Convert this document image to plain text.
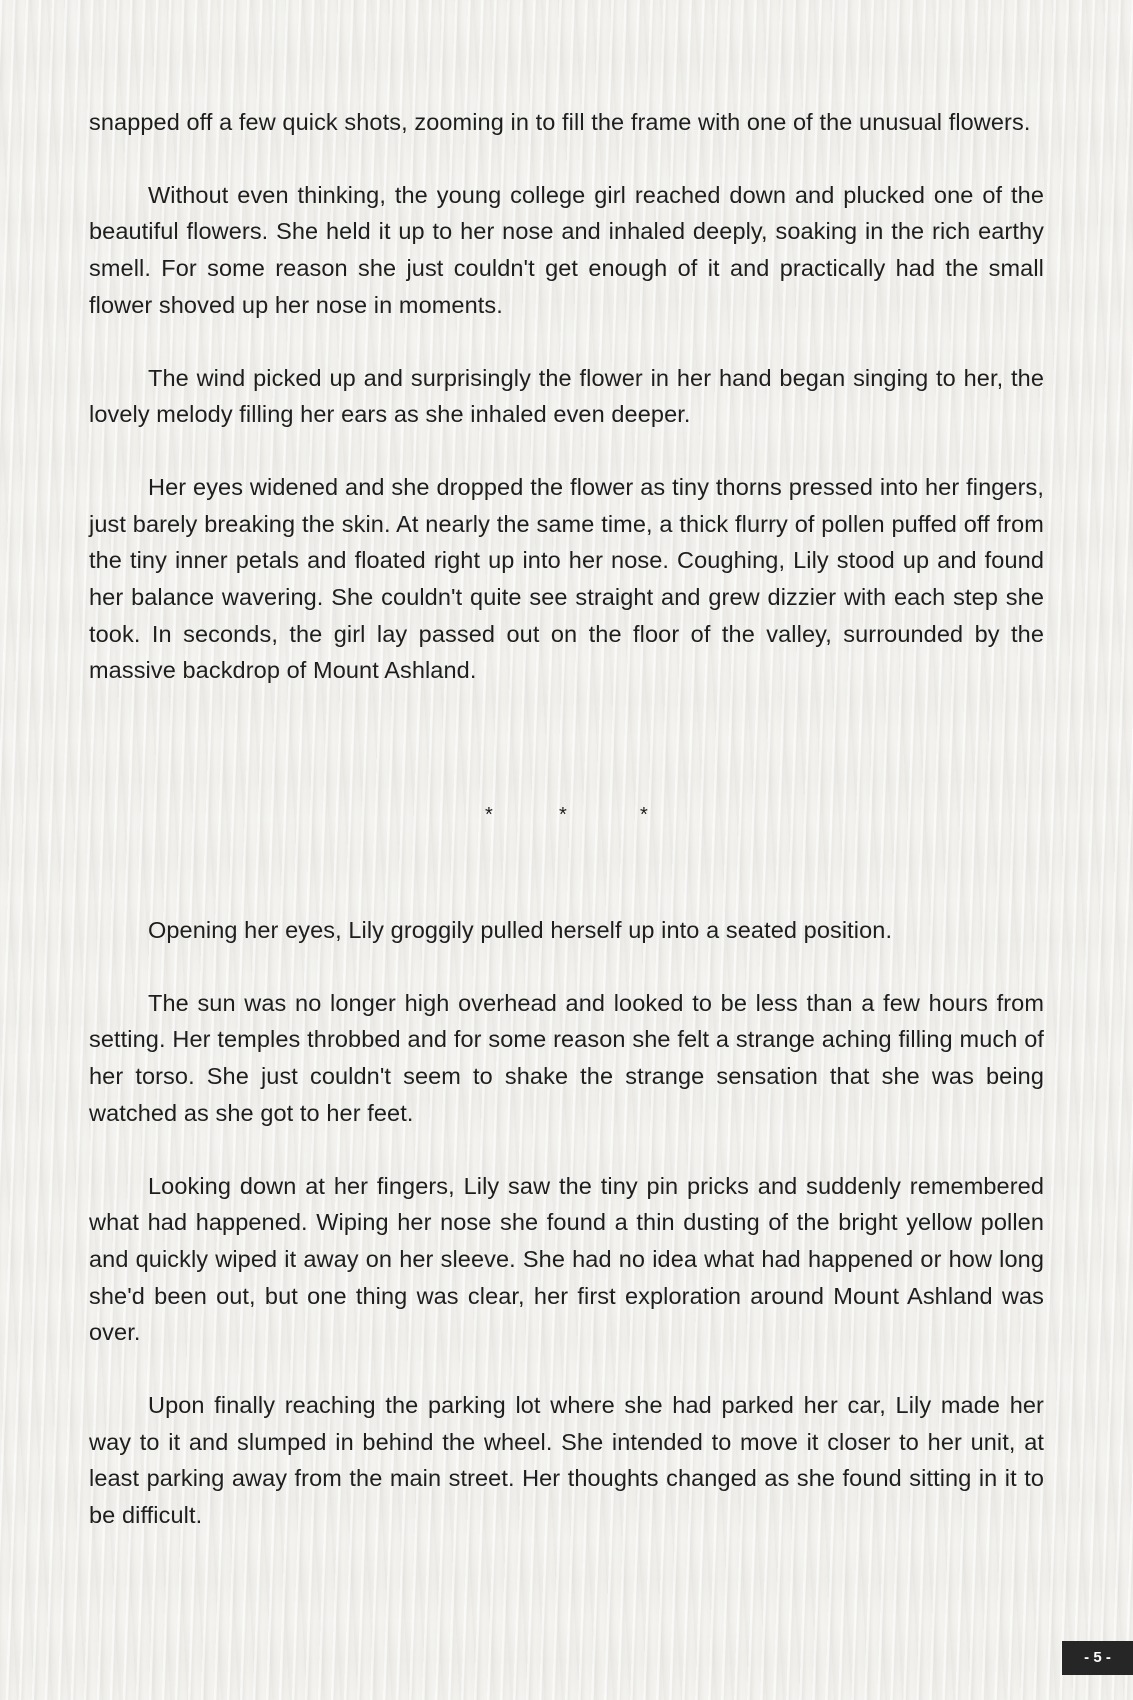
snapped off a few quick shots, zooming in to fill the frame with one of the unusual flowers.

Without even thinking, the young college girl reached down and plucked one of the beautiful flowers. She held it up to her nose and inhaled deeply, soaking in the rich earthy smell. For some reason she just couldn't get enough of it and practically had the small flower shoved up her nose in moments.

The wind picked up and surprisingly the flower in her hand began singing to her, the lovely melody filling her ears as she inhaled even deeper.

Her eyes widened and she dropped the flower as tiny thorns pressed into her fingers, just barely breaking the skin. At nearly the same time, a thick flurry of pollen puffed off from the tiny inner petals and floated right up into her nose. Coughing, Lily stood up and found her balance wavering. She couldn't quite see straight and grew dizzier with each step she took. In seconds, the girl lay passed out on the floor of the valley, surrounded by the massive backdrop of Mount Ashland.

*	*	*

Opening her eyes, Lily groggily pulled herself up into a seated position.

The sun was no longer high overhead and looked to be less than a few hours from setting. Her temples throbbed and for some reason she felt a strange aching filling much of her torso. She just couldn't seem to shake the strange sensation that she was being watched as she got to her feet.

Looking down at her fingers, Lily saw the tiny pin pricks and suddenly remembered what had happened. Wiping her nose she found a thin dusting of the bright yellow pollen and quickly wiped it away on her sleeve. She had no idea what had happened or how long she'd been out, but one thing was clear, her first exploration around Mount Ashland was over.

Upon finally reaching the parking lot where she had parked her car, Lily made her way to it and slumped in behind the wheel. She intended to move it closer to her unit, at least parking away from the main street. Her thoughts changed as she found sitting in it to be difficult.

- 5 -
